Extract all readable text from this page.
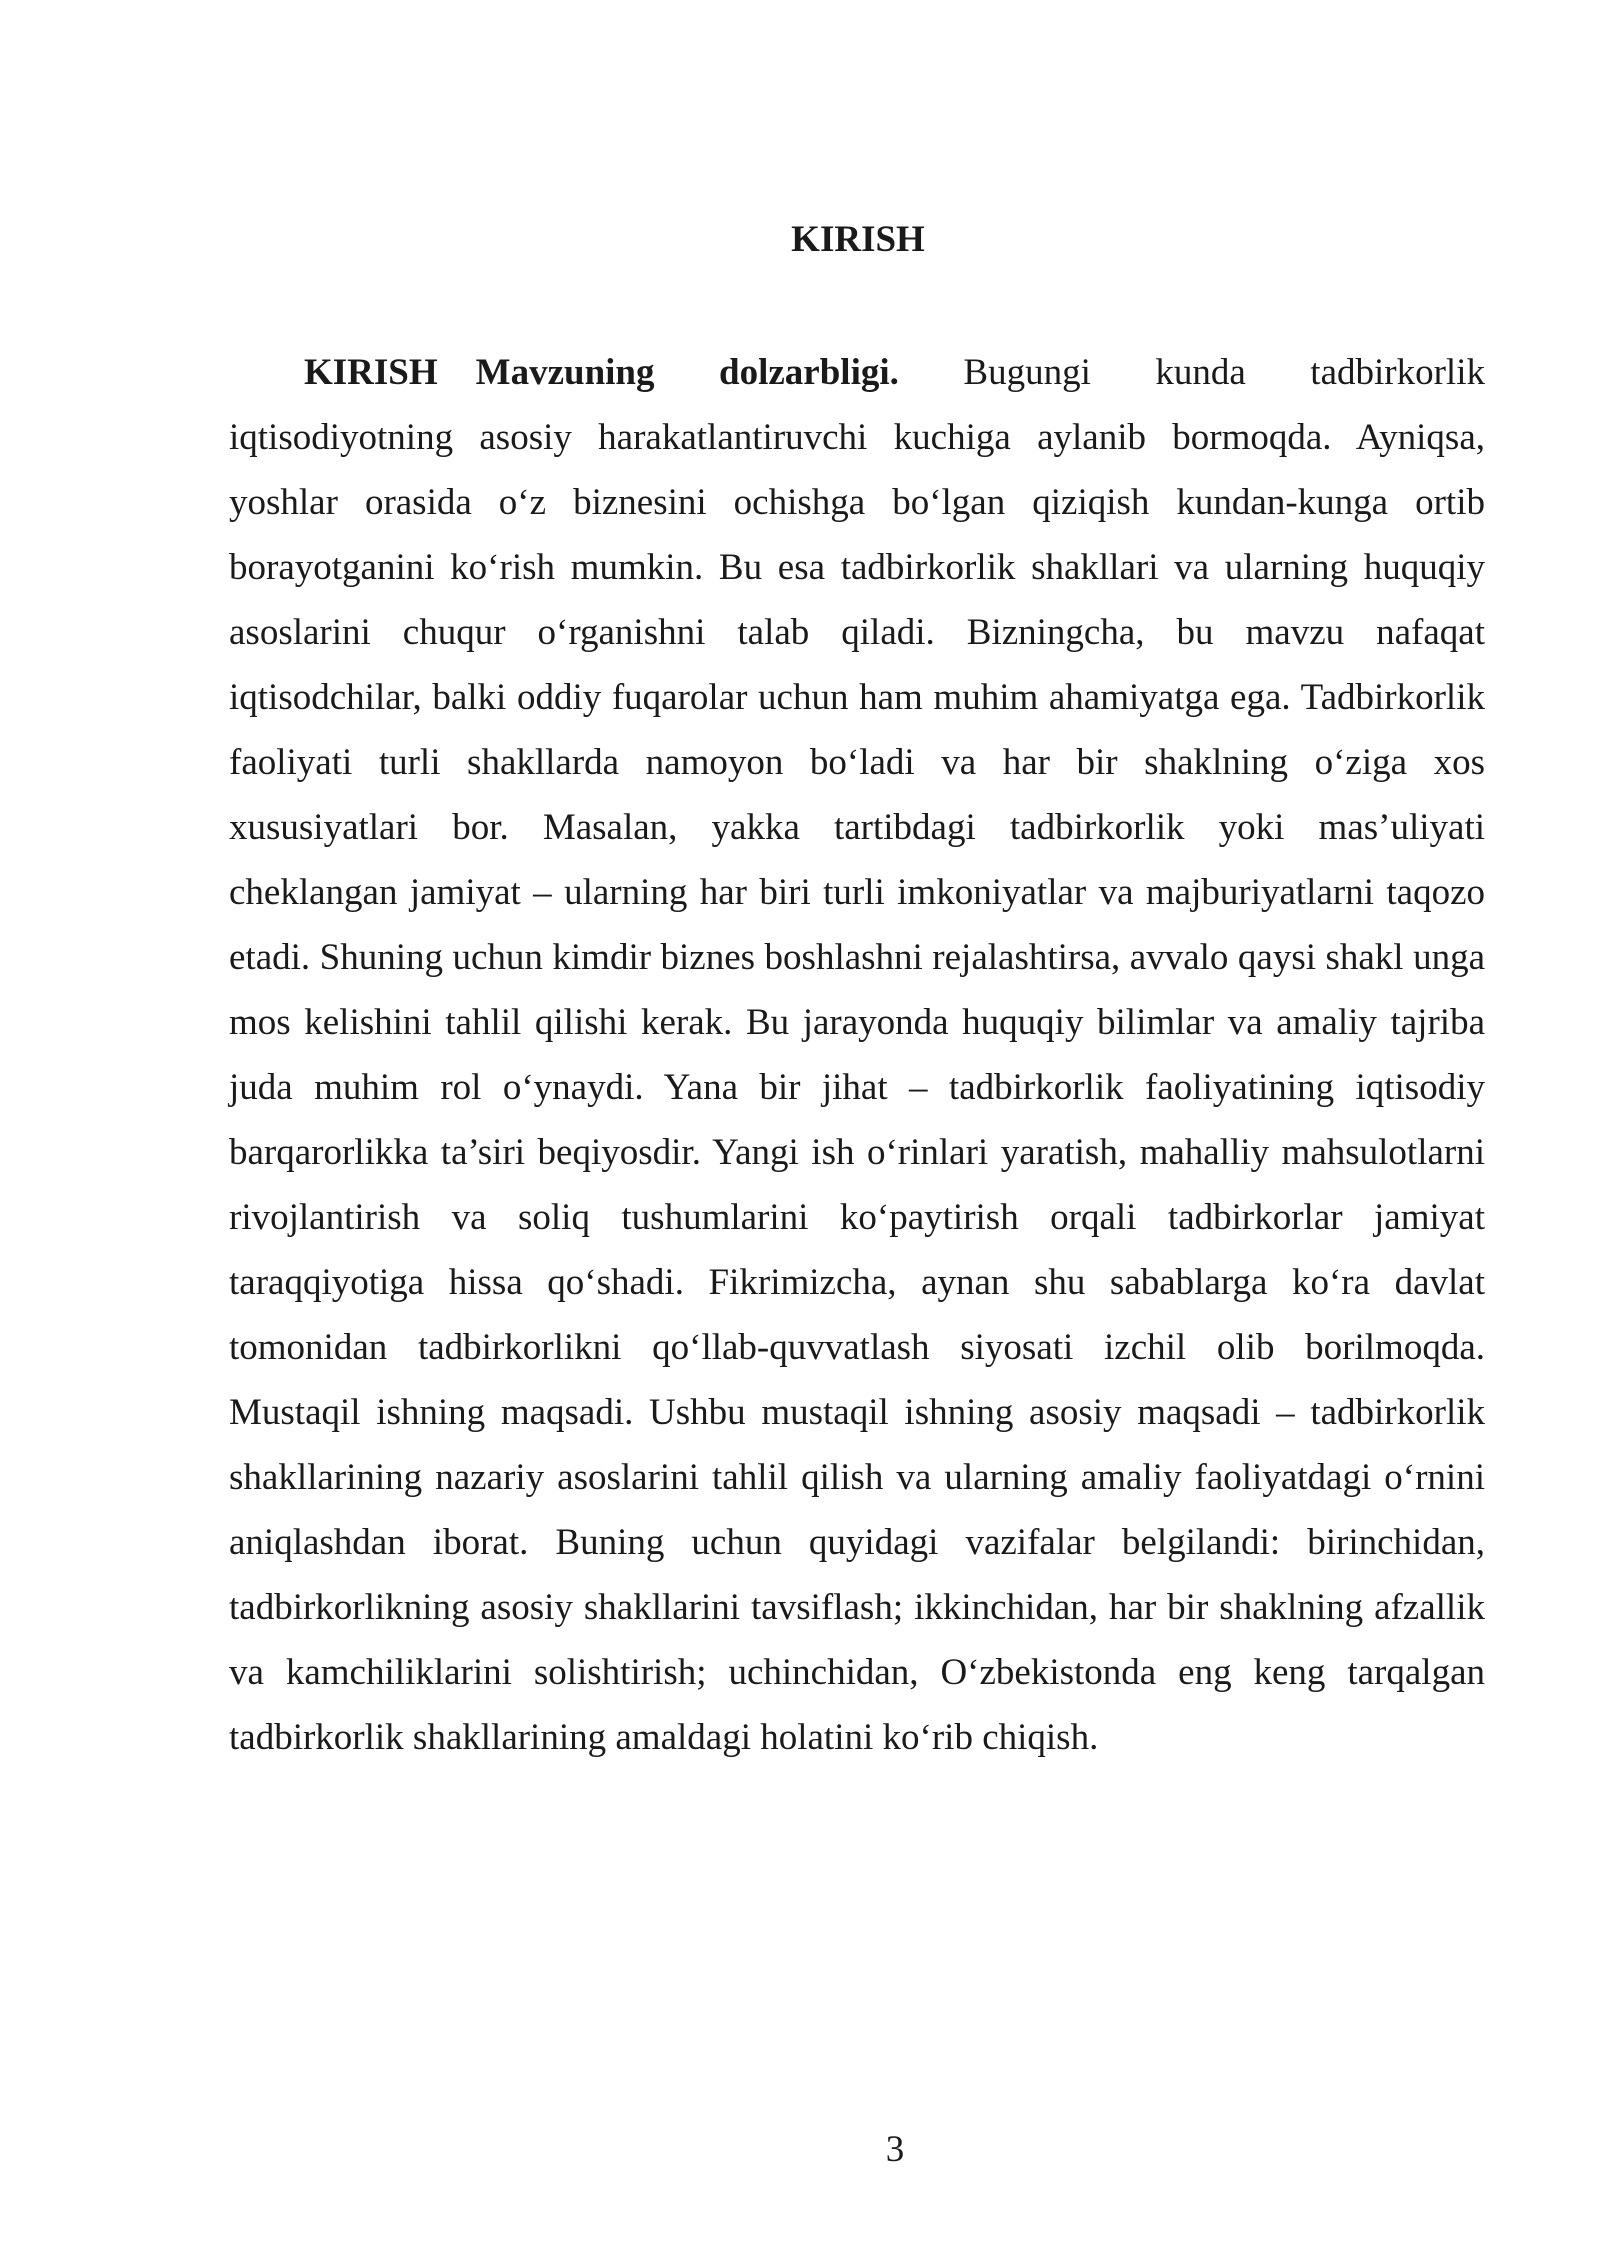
KIRISH

KIRISH Mavzuning dolzarbligi. Bugungi kunda tadbirkorlik iqtisodiyotning asosiy harakatlantiruvchi kuchiga aylanib bormoqda. Ayniqsa, yoshlar orasida o‘z biznesini ochishga bo‘lgan qiziqish kundan-kunga ortib borayotganini ko‘rish mumkin. Bu esa tadbirkorlik shakllari va ularning huquqiy asoslarini chuqur o‘rganishni talab qiladi. Bizningcha, bu mavzu nafaqat iqtisodchilar, balki oddiy fuqarolar uchun ham muhim ahamiyatga ega. Tadbirkorlik faoliyati turli shakllarda namoyon bo‘ladi va har bir shaklning o‘ziga xos xususiyatlari bor. Masalan, yakka tartibdagi tadbirkorlik yoki mas’uliyati cheklangan jamiyat – ularning har biri turli imkoniyatlar va majburiyatlarni taqozo etadi. Shuning uchun kimdir biznes boshlashni rejalashtirsa, avvalo qaysi shakl unga mos kelishini tahlil qilishi kerak. Bu jarayonda huquqiy bilimlar va amaliy tajriba juda muhim rol o‘ynaydi. Yana bir jihat – tadbirkorlik faoliyatining iqtisodiy barqarorlikka ta’siri beqiyosdir. Yangi ish o‘rinlari yaratish, mahalliy mahsulotlarni rivojlantirish va soliq tushumlarini ko‘paytirish orqali tadbirkorlar jamiyat taraqqiyotiga hissa qo‘shadi. Fikrimizcha, aynan shu sabablarga ko‘ra davlat tomonidan tadbirkorlikni qo‘llab-quvvatlash siyosati izchil olib borilmoqda. Mustaqil ishning maqsadi. Ushbu mustaqil ishning asosiy maqsadi – tadbirkorlik shakllarining nazariy asoslarini tahlil qilish va ularning amaliy faoliyatdagi o‘rnini aniqlashdan iborat. Buning uchun quyidagi vazifalar belgilandi: birinchidan, tadbirkorlikning asosiy shakllarini tavsiflash; ikkinchidan, har bir shaklning afzallik va kamchiliklarini solishtirish; uchinchidan, O‘zbekistonda eng keng tarqalgan tadbirkorlik shakllarining amaldagi holatini ko‘rib chiqish.

3
